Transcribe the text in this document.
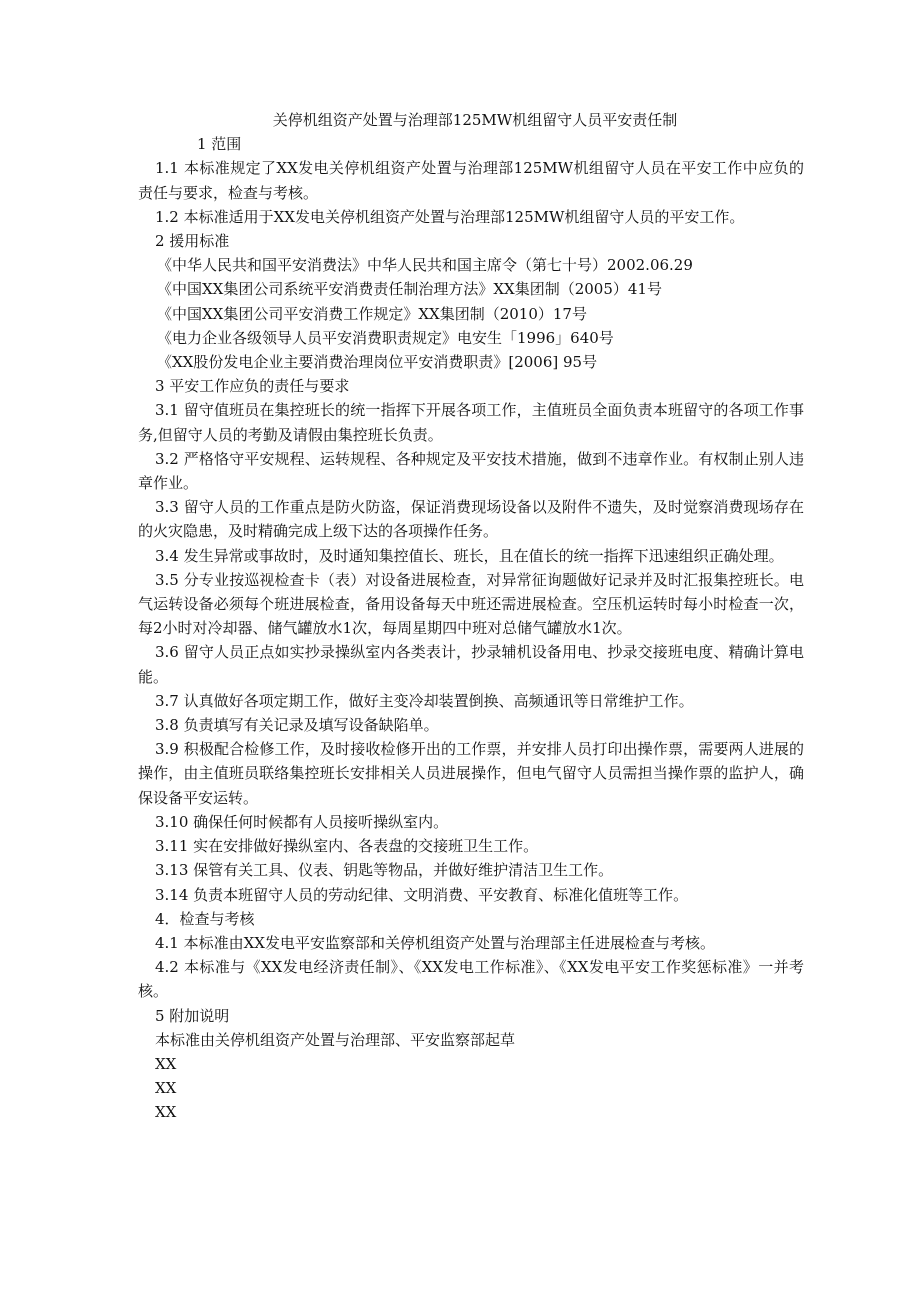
关停机组资产处置与治理部125MW机组留守人员平安责任制

1 范围

1.1 本标准规定了XX发电关停机组资产处置与治理部125MW机组留守人员在平安工作中应负的责任与要求，检查与考核。

1.2 本标准适用于XX发电关停机组资产处置与治理部125MW机组留守人员的平安工作。

2 援用标准

《中华人民共和国平安消费法》中华人民共和国主席令（第七十号）2002.06.29

《中国XX集团公司系统平安消费责任制治理方法》XX集团制（2005）41号

《中国XX集团公司平安消费工作规定》XX集团制（2010）17号

《电力企业各级领导人员平安消费职责规定》电安生「1996」640号

《XX股份发电企业主要消费治理岗位平安消费职责》[2006] 95号

3 平安工作应负的责任与要求

3.1 留守值班员在集控班长的统一指挥下开展各项工作，主值班员全面负责本班留守的各项工作事务,但留守人员的考勤及请假由集控班长负责。

3.2 严格恪守平安规程、运转规程、各种规定及平安技术措施，做到不违章作业。有权制止别人违章作业。

3.3 留守人员的工作重点是防火防盗，保证消费现场设备以及附件不遗失，及时觉察消费现场存在的火灾隐患，及时精确完成上级下达的各项操作任务。

3.4 发生异常或事故时，及时通知集控值长、班长，且在值长的统一指挥下迅速组织正确处理。

3.5 分专业按巡视检查卡（表）对设备进展检查，对异常征询题做好记录并及时汇报集控班长。电气运转设备必须每个班进展检查，备用设备每天中班还需进展检查。空压机运转时每小时检查一次，每2小时对冷却器、储气罐放水1次，每周星期四中班对总储气罐放水1次。

3.6 留守人员正点如实抄录操纵室内各类表计，抄录辅机设备用电、抄录交接班电度、精确计算电能。

3.7 认真做好各项定期工作，做好主变冷却装置倒换、高频通讯等日常维护工作。

3.8 负责填写有关记录及填写设备缺陷单。

3.9 积极配合检修工作，及时接收检修开出的工作票，并安排人员打印出操作票，需要两人进展的操作，由主值班员联络集控班长安排相关人员进展操作，但电气留守人员需担当操作票的监护人，确保设备平安运转。

3.10 确保任何时候都有人员接听操纵室内。

3.11 实在安排做好操纵室内、各表盘的交接班卫生工作。

3.13 保管有关工具、仪表、钥匙等物品，并做好维护清洁卫生工作。

3.14 负责本班留守人员的劳动纪律、文明消费、平安教育、标准化值班等工作。

4．检查与考核

4.1 本标准由XX发电平安监察部和关停机组资产处置与治理部主任进展检查与考核。

4.2 本标准与《XX发电经济责任制》、《XX发电工作标准》、《XX发电平安工作奖惩标准》一并考核。

5 附加说明

本标准由关停机组资产处置与治理部、平安监察部起草

XX

XX

XX
